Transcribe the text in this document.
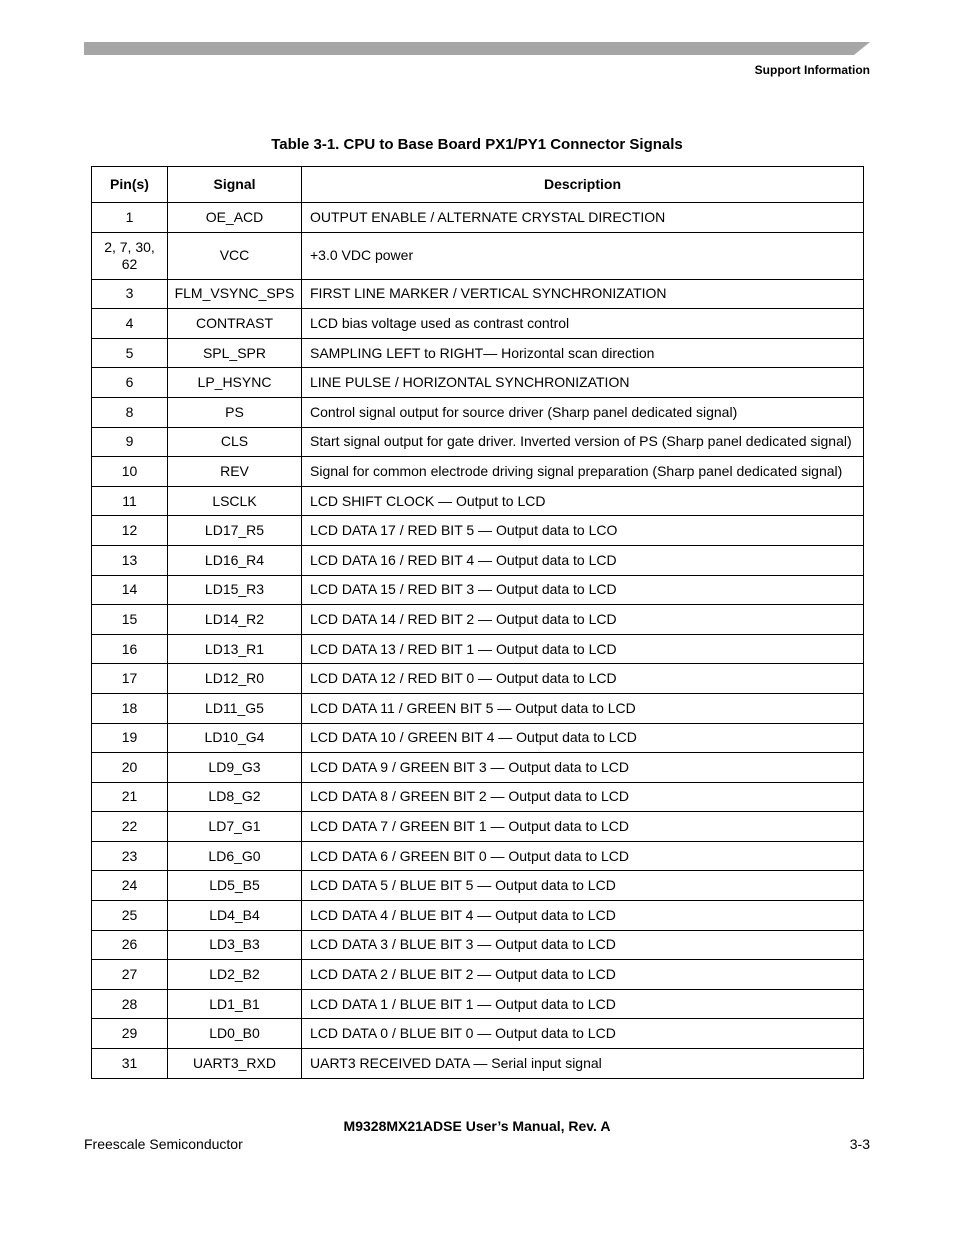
Support Information
Table 3-1. CPU to Base Board PX1/PY1 Connector Signals
Pin(s)	Signal	Description
1	OE_ACD	OUTPUT ENABLE / ALTERNATE CRYSTAL DIRECTION
2, 7, 30, 62	VCC	+3.0 VDC power
3	FLM_VSYNC_SPS	FIRST LINE MARKER / VERTICAL SYNCHRONIZATION
4	CONTRAST	LCD bias voltage used as contrast control
5	SPL_SPR	SAMPLING LEFT to RIGHT— Horizontal scan direction
6	LP_HSYNC	LINE PULSE / HORIZONTAL SYNCHRONIZATION
8	PS	Control signal output for source driver (Sharp panel dedicated signal)
9	CLS	Start signal output for gate driver. Inverted version of PS (Sharp panel dedicated signal)
10	REV	Signal for common electrode driving signal preparation (Sharp panel dedicated signal)
11	LSCLK	LCD SHIFT CLOCK — Output to LCD
12	LD17_R5	LCD DATA 17 / RED BIT 5 — Output data to LCO
13	LD16_R4	LCD DATA 16 / RED BIT 4 — Output data to LCD
14	LD15_R3	LCD DATA 15 / RED BIT 3 — Output data to LCD
15	LD14_R2	LCD DATA 14 / RED BIT 2 — Output data to LCD
16	LD13_R1	LCD DATA 13 / RED BIT 1 — Output data to LCD
17	LD12_R0	LCD DATA 12 / RED BIT 0 — Output data to LCD
18	LD11_G5	LCD DATA 11 / GREEN BIT 5 — Output data to LCD
19	LD10_G4	LCD DATA 10 / GREEN BIT 4 — Output data to LCD
20	LD9_G3	LCD DATA 9 / GREEN BIT 3 — Output data to LCD
21	LD8_G2	LCD DATA 8 / GREEN BIT 2 — Output data to LCD
22	LD7_G1	LCD DATA 7 / GREEN BIT 1 — Output data to LCD
23	LD6_G0	LCD DATA 6 / GREEN BIT 0 — Output data to LCD
24	LD5_B5	LCD DATA 5 / BLUE BIT 5 — Output data to LCD
25	LD4_B4	LCD DATA 4 / BLUE BIT 4 — Output data to LCD
26	LD3_B3	LCD DATA 3 / BLUE BIT 3 — Output data to LCD
27	LD2_B2	LCD DATA 2 / BLUE BIT 2 — Output data to LCD
28	LD1_B1	LCD DATA 1 / BLUE BIT 1 — Output data to LCD
29	LD0_B0	LCD DATA 0 / BLUE BIT 0 — Output data to LCD
31	UART3_RXD	UART3 RECEIVED DATA — Serial input signal
M9328MX21ADSE User’s Manual, Rev. A
Freescale Semiconductor	3-3
